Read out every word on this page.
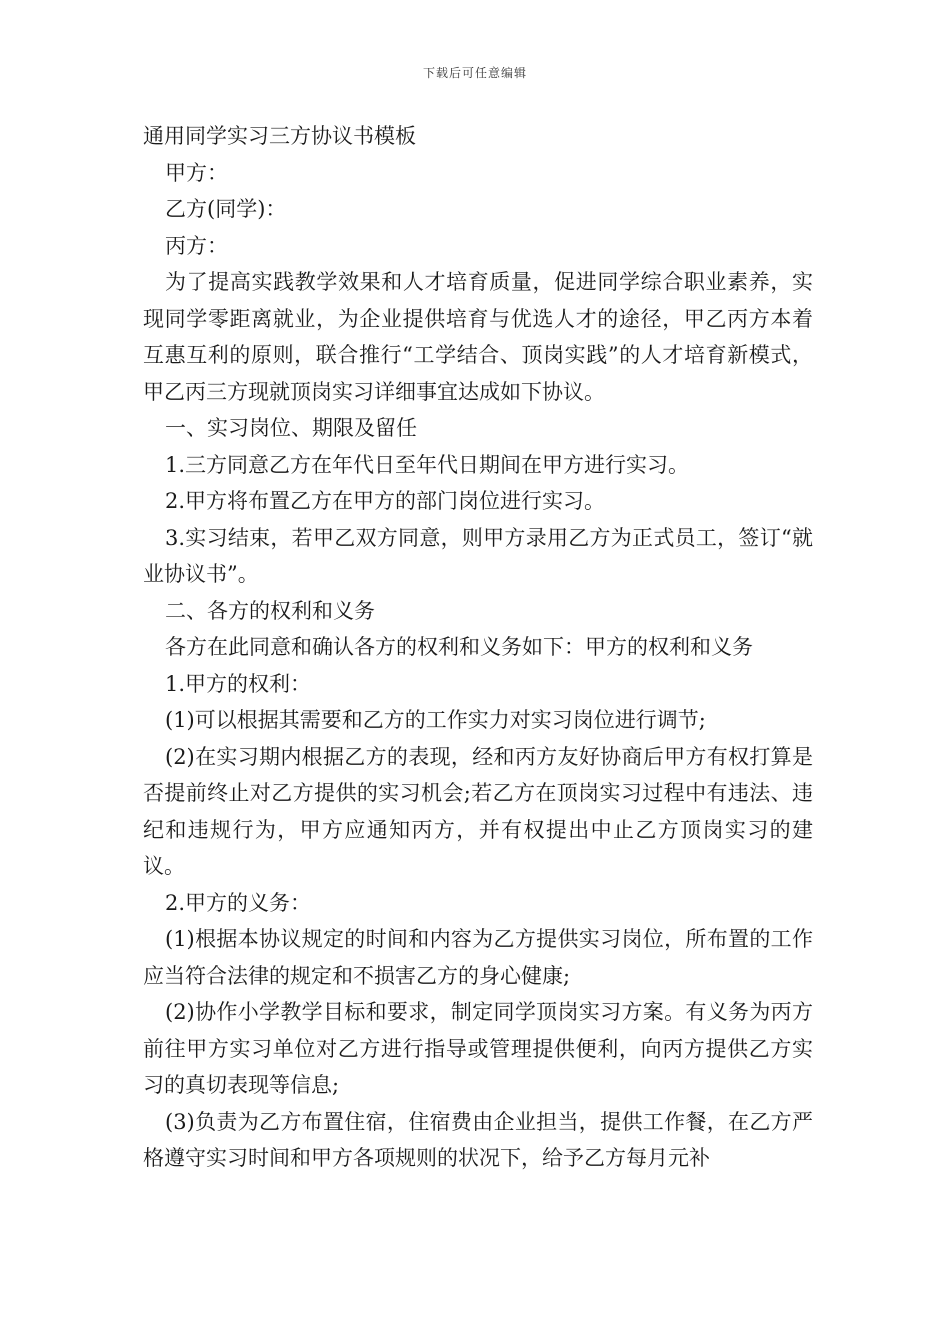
下载后可任意编辑

通用同学实习三方协议书模板

甲方：

乙方(同学)：

丙方：

为了提高实践教学效果和人才培育质量，促进同学综合职业素养，实现同学零距离就业，为企业提供培育与优选人才的途径，甲乙丙方本着互惠互利的原则，联合推行“工学结合、顶岗实践”的人才培育新模式，甲乙丙三方现就顶岗实习详细事宜达成如下协议。

一、实习岗位、期限及留任

1.三方同意乙方在年代日至年代日期间在甲方进行实习。

2.甲方将布置乙方在甲方的部门岗位进行实习。

3.实习结束，若甲乙双方同意，则甲方录用乙方为正式员工，签订“就业协议书”。

二、各方的权利和义务

各方在此同意和确认各方的权利和义务如下：甲方的权利和义务

1.甲方的权利：

(1)可以根据其需要和乙方的工作实力对实习岗位进行调节;

(2)在实习期内根据乙方的表现，经和丙方友好协商后甲方有权打算是否提前终止对乙方提供的实习机会;若乙方在顶岗实习过程中有违法、违纪和违规行为，甲方应通知丙方，并有权提出中止乙方顶岗实习的建议。

2.甲方的义务：

(1)根据本协议规定的时间和内容为乙方提供实习岗位，所布置的工作应当符合法律的规定和不损害乙方的身心健康;

(2)协作小学教学目标和要求，制定同学顶岗实习方案。有义务为丙方前往甲方实习单位对乙方进行指导或管理提供便利，向丙方提供乙方实习的真切表现等信息;

(3)负责为乙方布置住宿，住宿费由企业担当，提供工作餐，在乙方严格遵守实习时间和甲方各项规则的状况下，给予乙方每月元补
